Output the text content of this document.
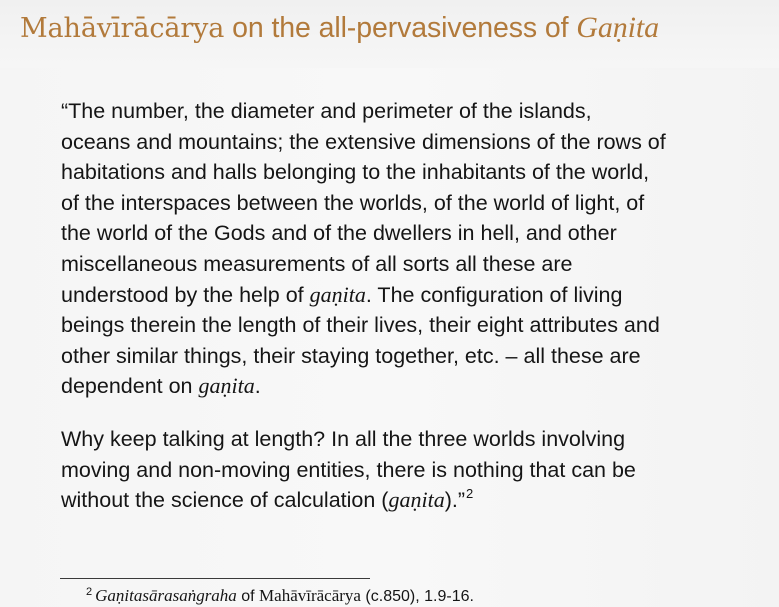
Mahāvīrācārya on the all-pervasiveness of Gaṇita
“The number, the diameter and perimeter of the islands,
oceans and mountains; the extensive dimensions of the rows of
habitations and halls belonging to the inhabitants of the world,
of the interspaces between the worlds, of the world of light, of
the world of the Gods and of the dwellers in hell, and other
miscellaneous measurements of all sorts all these are
understood by the help of gaṇita. The configuration of living
beings therein the length of their lives, their eight attributes and
other similar things, their staying together, etc. – all these are
dependent on gaṇita.
Why keep talking at length? In all the three worlds involving
moving and non-moving entities, there is nothing that can be
without the science of calculation (gaṇita).”$^2$
$^2$ Gaṇitasārasaṅgraha of Mahāvīrācārya (c.850), 1.9-16.
